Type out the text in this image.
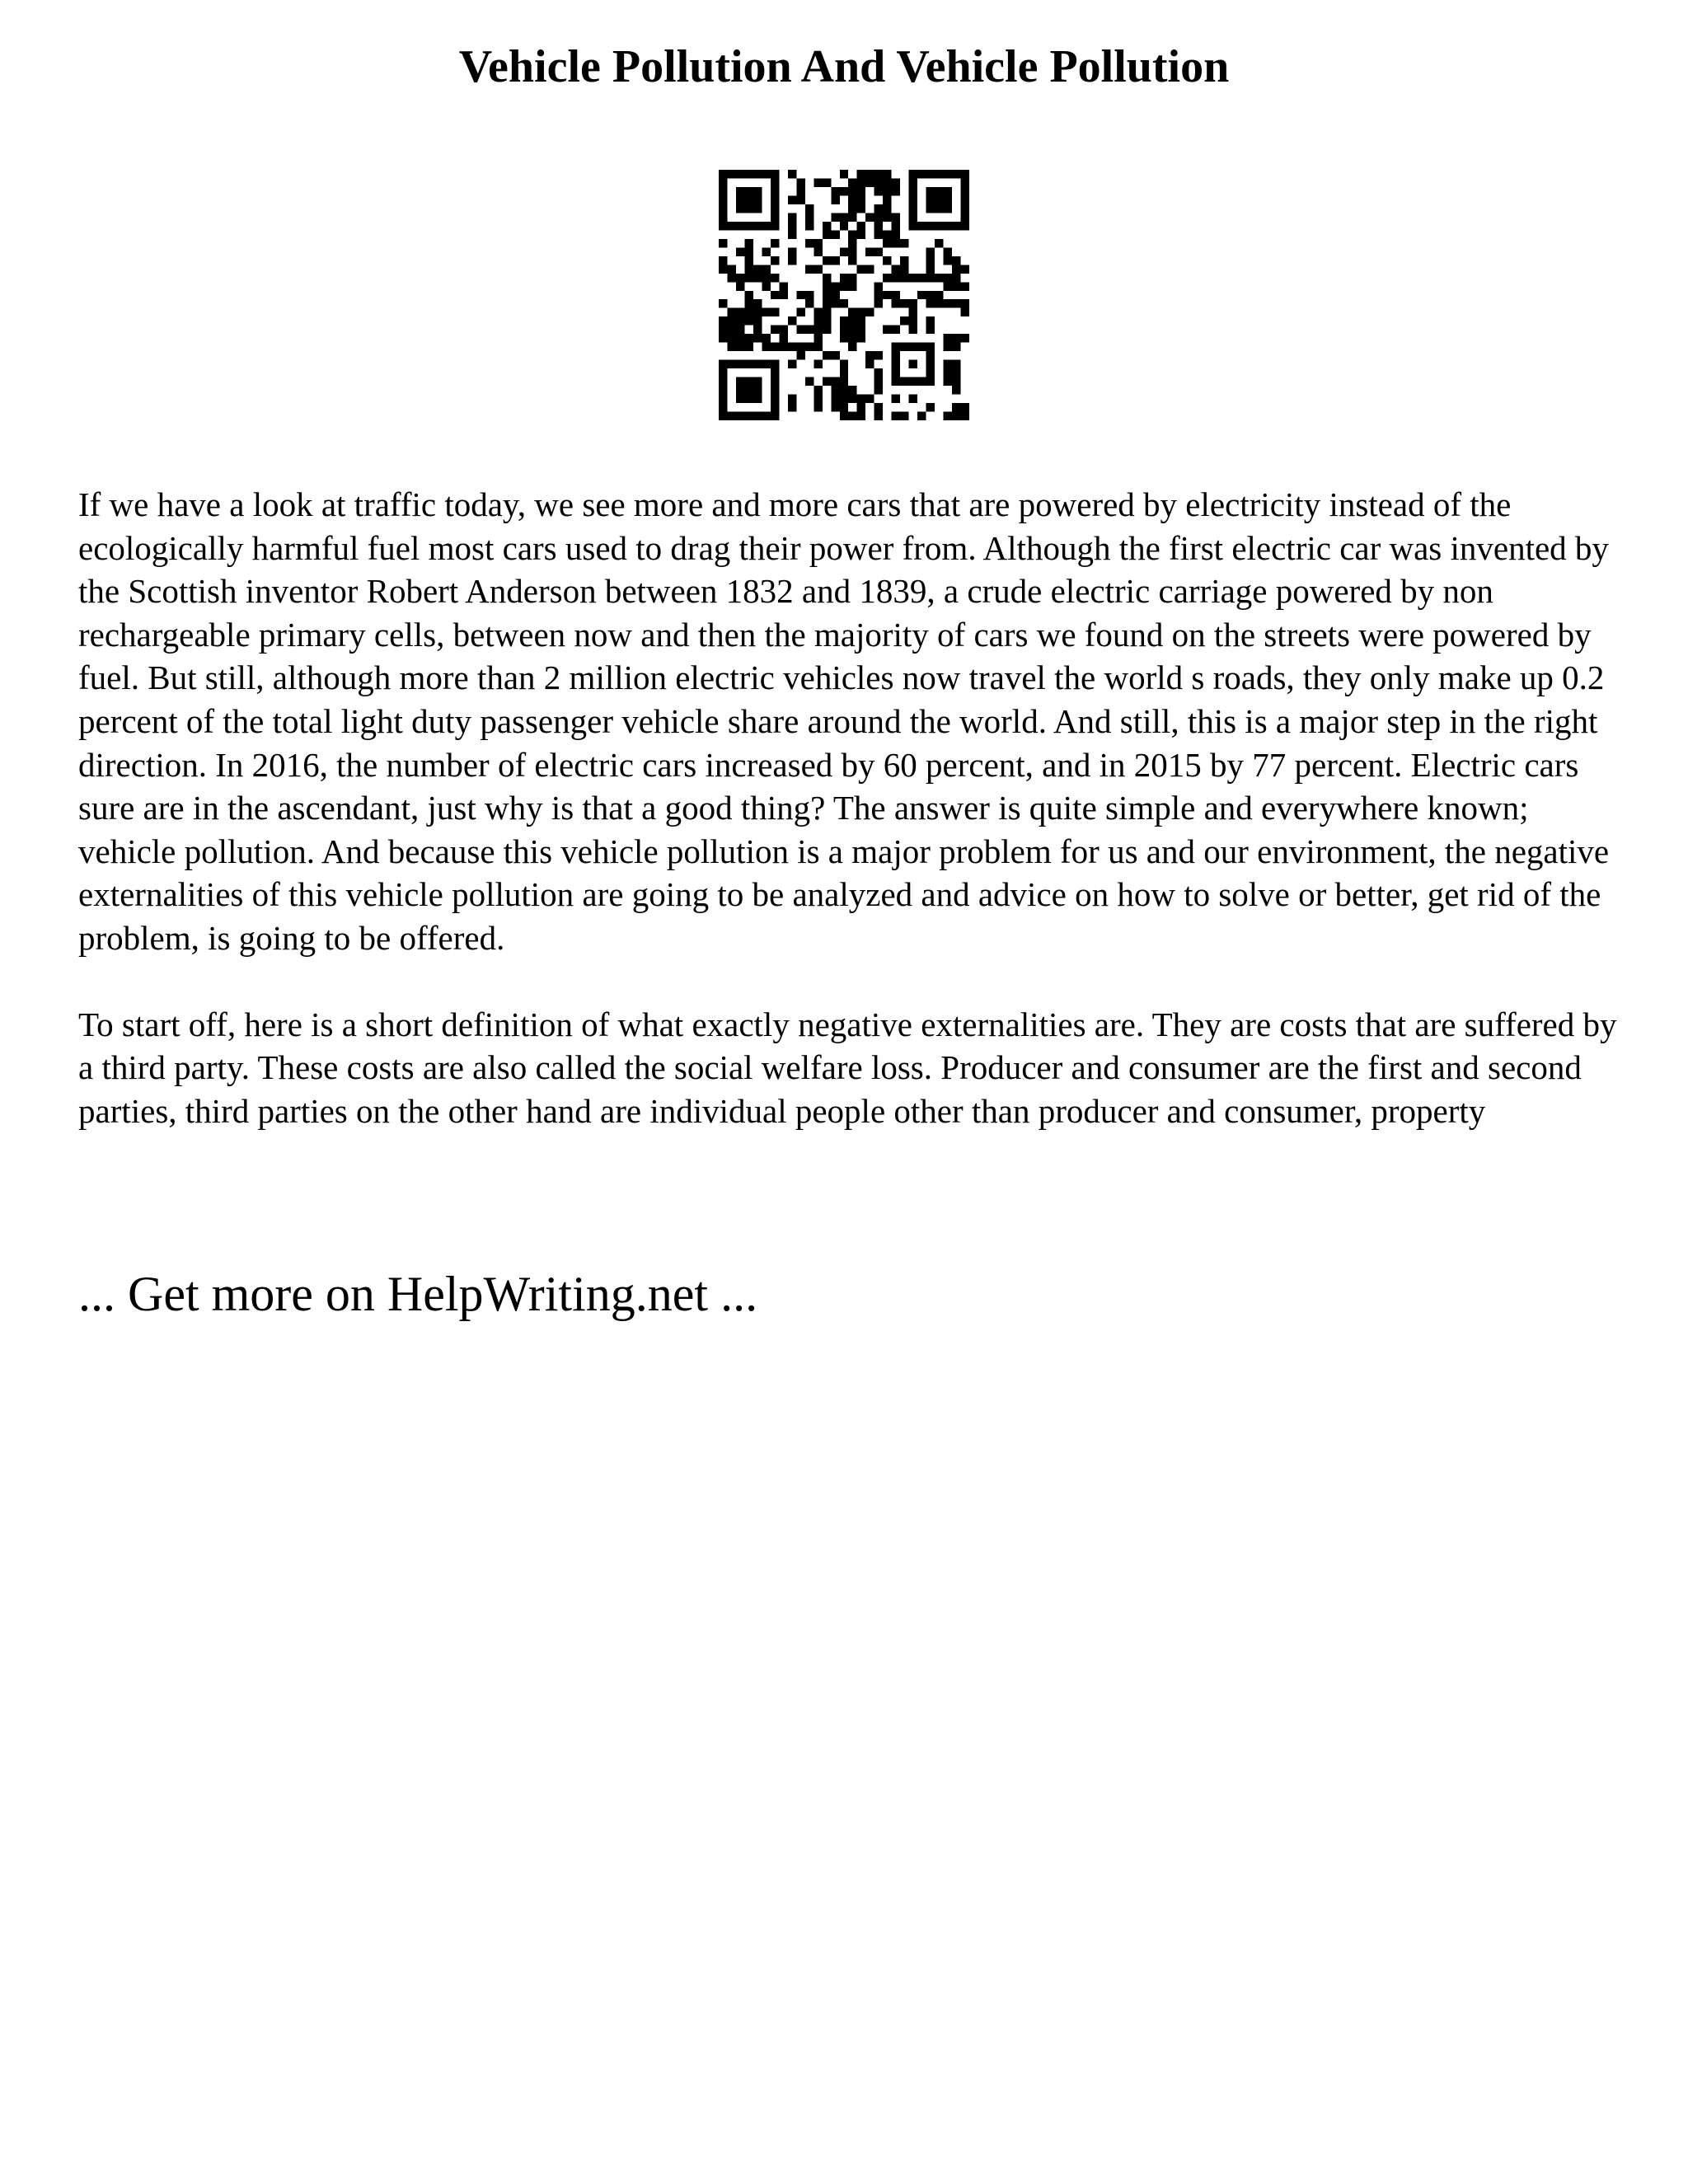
Vehicle Pollution And Vehicle Pollution

If we have a look at traffic today, we see more and more cars that are powered by electricity instead of the ecologically harmful fuel most cars used to drag their power from. Although the first electric car was invented by the Scottish inventor Robert Anderson between 1832 and 1839, a crude electric carriage powered by non rechargeable primary cells, between now and then the majority of cars we found on the streets were powered by fuel. But still, although more than 2 million electric vehicles now travel the world s roads, they only make up 0.2 percent of the total light duty passenger vehicle share around the world. And still, this is a major step in the right direction. In 2016, the number of electric cars increased by 60 percent, and in 2015 by 77 percent. Electric cars sure are in the ascendant, just why is that a good thing? The answer is quite simple and everywhere known; vehicle pollution. And because this vehicle pollution is a major problem for us and our environment, the negative externalities of this vehicle pollution are going to be analyzed and advice on how to solve or better, get rid of the problem, is going to be offered.

To start off, here is a short definition of what exactly negative externalities are. They are costs that are suffered by a third party. These costs are also called the social welfare loss. Producer and consumer are the first and second parties, third parties on the other hand are individual people other than producer and consumer, property

... Get more on HelpWriting.net ...
